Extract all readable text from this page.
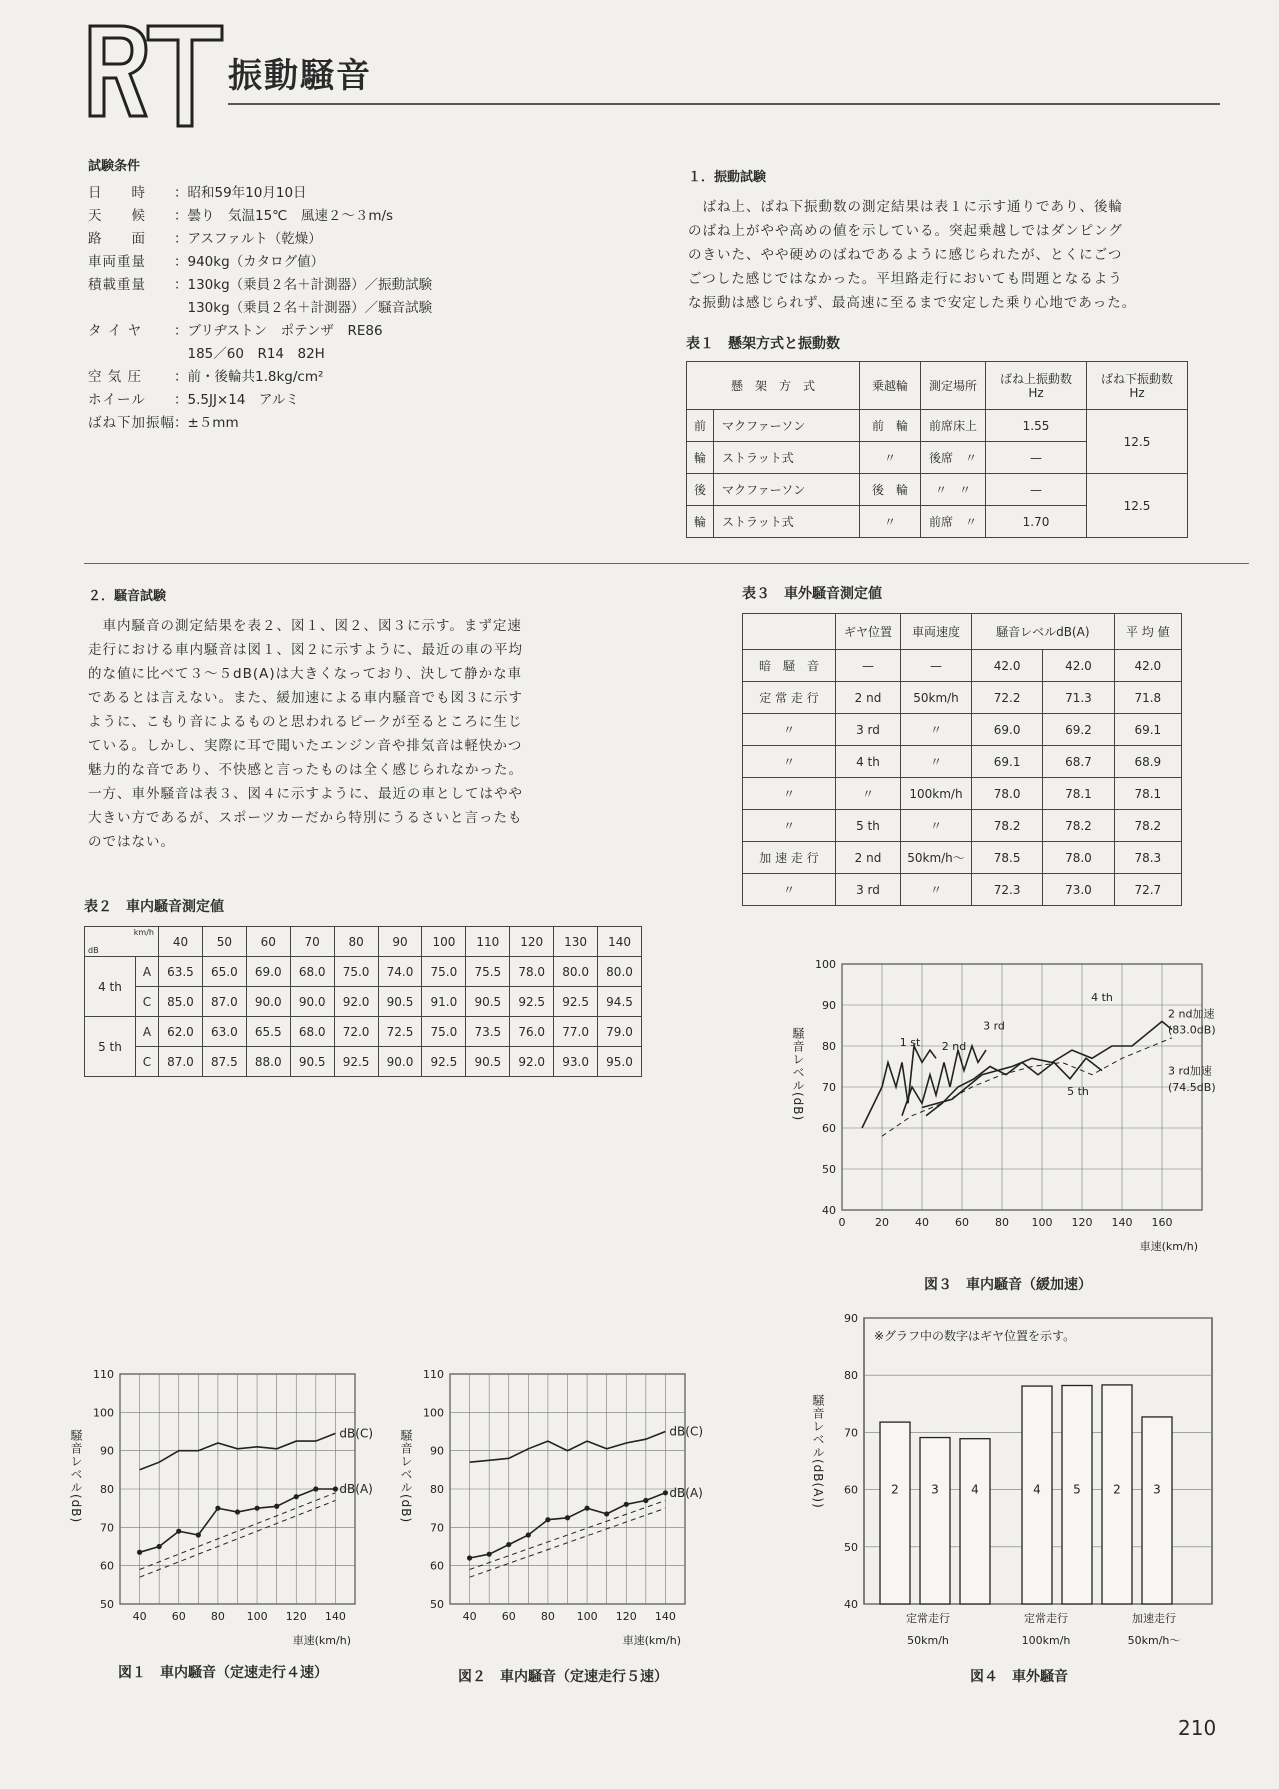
振動騒音
試験条件
日　　時	：昭和59年10月10日
天　　候	：曇り　気温15℃　風速２～３m/s
路　　面	：アスファルト（乾燥）
車両重量	：940kg（カタログ値）
積載重量	：130kg（乗員２名＋計測器）／振動試験
　130kg（乗員２名＋計測器）／騒音試験
タ イ ヤ	：ブリヂストン　ポテンザ　RE86
　185／60　R14　82H
空 気 圧	：前・後輪共1.8kg/cm²
ホイール	：5.5JJ×14　アルミ
ばね下加振幅 ：±５mm
１．振動試験
　ばね上、ばね下振動数の測定結果は表１に示す通りであり、後輪
のばね上がやや高めの値を示している。突起乗越しではダンピング
のきいた、やや硬めのばねであるように感じられたが、とくにごつ
ごつした感じではなかった。平坦路走行においても問題となるよう
な振動は感じられず、最高速に至るまで安定した乗り心地であった。
表１　懸架方式と振動数
懸　架　方　式		乗越輪	測定場所	ばね上振動数
Hz	ばね下振動数
Hz
前	マクファーソン	前　輪	前席床上	1.55	12.5
輪	ストラット式	〃	後席　〃	—	
後	マクファーソン	後　輪	〃　〃	—	12.5
輪	ストラット式	〃	前席　〃	1.70	
２．騒音試験
　車内騒音の測定結果を表２、図１、図２、図３に示す。まず定速
走行における車内騒音は図１、図２に示すように、最近の車の平均
的な値に比べて３～５dB(A)は大きくなっており、決して静かな車
であるとは言えない。また、緩加速による車内騒音でも図３に示す
ように、こもり音によるものと思われるピークが至るところに生じ
ている。しかし、実際に耳で聞いたエンジン音や排気音は軽快かつ
魅力的な音であり、不快感と言ったものは全く感じられなかった。
一方、車外騒音は表３、図４に示すように、最近の車としてはやや
大きい方であるが、スポーツカーだから特別にうるさいと言ったも
のではない。
表３　車外騒音測定値
	ギヤ位置	車両速度	騒音レベルdB(A)		平 均 値
暗　騒　音	—	—	42.0	42.0	42.0
定 常 走 行	2 nd	50km/h	72.2	71.3	71.8
〃	3 rd	〃	69.0	69.2	69.1
〃	4 th	〃	69.1	68.7	68.9
〃	〃	100km/h	78.0	78.1	78.1
〃	5 th	〃	78.2	78.2	78.2
加 速 走 行	2 nd	50km/h～	78.5	78.0	78.3
〃	3 rd	〃	72.3	73.0	72.7
表２　車内騒音測定値
km/h
dB		40	50	60	70	80	90	100	110	120	130	140
4 th	A	63.5	65.0	69.0	68.0	75.0	74.0	75.0	75.5	78.0	80.0	80.0
	C	85.0	87.0	90.0	90.0	92.0	90.5	91.0	90.5	92.5	92.5	94.5
5 th	A	62.0	63.0	65.5	68.0	72.0	72.5	75.0	73.5	76.0	77.0	79.0
	C	87.0	87.5	88.0	90.5	92.5	90.0	92.5	90.5	92.0	93.0	95.0
40
50
60
70
80
90
100
0	20 40 60 80 100 120 140 160
車速(km/h)
騒音レベル(dB)	1 st 2 nd
3 rd
4 th
5 th
2 nd加速
(83.0dB)
3 rd加速
(74.5dB)
図３　車内騒音（緩加速）
40
50
60
70
80
90
騒音レベル(dB(A))
※グラフ中の数字はギヤ位置を示す。
2	3	4	4	5	2	3
定常走行
50km/h
定常走行
100km/h
加速走行
50km/h～
図４　車外騒音
50
60
70
80
90
100
110
40 60 80 100 120 140
車速(km/h)
騒音レベル(dB)	dB(C)
dB(A)
図１　車内騒音（定速走行４速）
50
60
70
80
90
100
110
40 60 80 100 120 140
車速(km/h)
騒音レベル(dB)	dB(C)
dB(A)
図２　車内騒音（定速走行５速）
210
